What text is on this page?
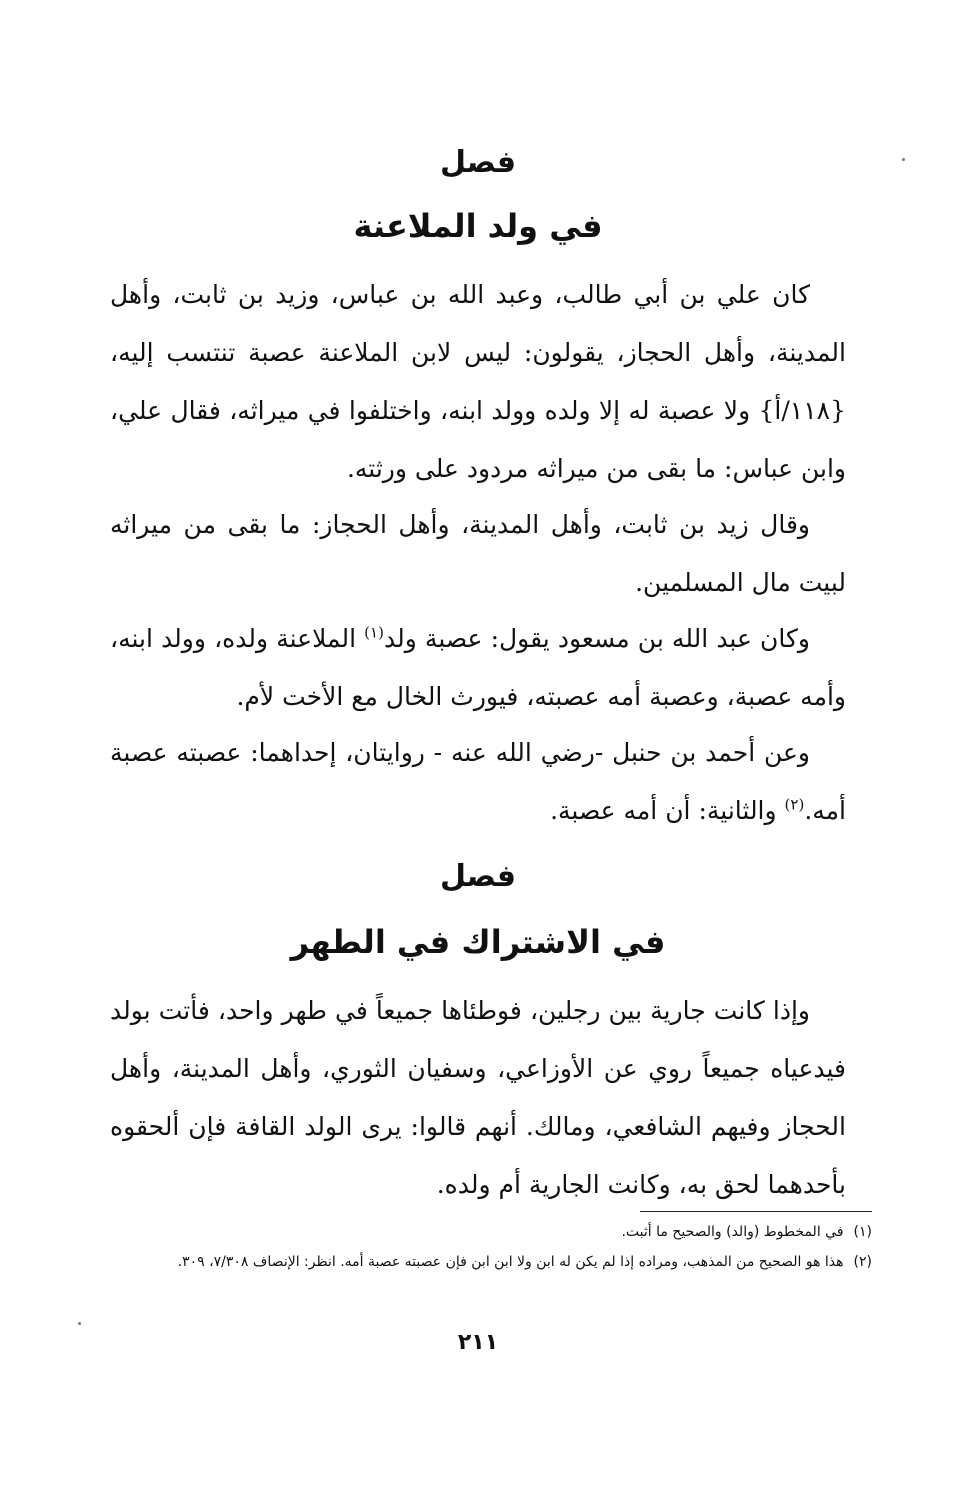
فصل
في ولد الملاعنة
كان علي بن أبي طالب، وعبد الله بن عباس، وزيد بن ثابت، وأهل المدينة، وأهل الحجاز، يقولون: ليس لابن الملاعنة عصبة تنتسب إليه، {١١٨/أ} ولا عصبة له إلا ولده وولد ابنه، واختلفوا في ميراثه، فقال علي، وابن عباس: ما بقى من ميراثه مردود على ورثته.
وقال زيد بن ثابت، وأهل المدينة، وأهل الحجاز: ما بقى من ميراثه لبيت مال المسلمين.
وكان عبد الله بن مسعود يقول: عصبة ولد$^{(١)}$ الملاعنة ولده، وولد ابنه، وأمه عصبة، وعصبة أمه عصبته، فيورث الخال مع الأخت لأم.
وعن أحمد بن حنبل -رضي الله عنه - روايتان، إحداهما: عصبته عصبة أمه.$^{(٢)}$ والثانية: أن أمه عصبة.
فصل
في الاشتراك في الطهر
وإذا كانت جارية بين رجلين، فوطئاها جميعاً في طهر واحد، فأتت بولد فيدعياه جميعاً روي عن الأوزاعي، وسفيان الثوري، وأهل المدينة، وأهل الحجاز وفيهم الشافعي، ومالك. أنهم قالوا: يرى الولد القافة فإن ألحقوه بأحدهما لحق به، وكانت الجارية أم ولده.
(١)في المخطوط (والد) والصحيح ما أثبت.
(٢)هذا هو الصحيح من المذهب، ومراده إذا لم يكن له ابن ولا ابن ابن فإن عصبته عصبة أمه. انظر: الإنصاف ٧/٣٠٨، ٣٠٩.
٢١١
